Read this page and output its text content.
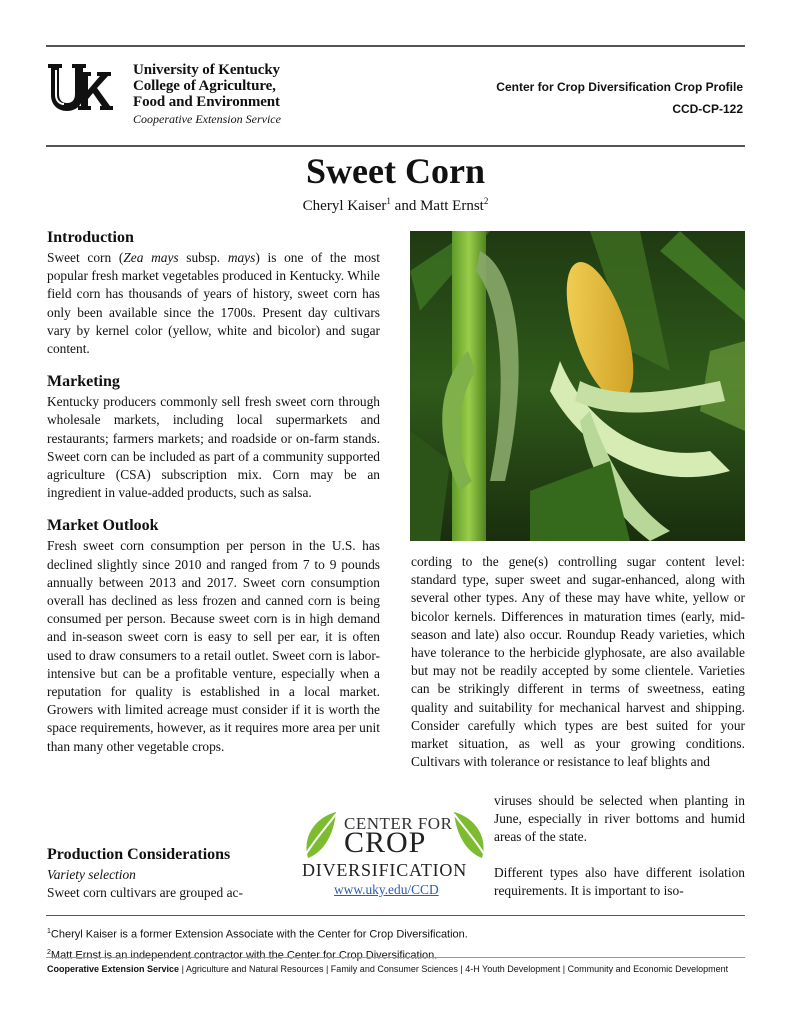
University of Kentucky
College of Agriculture,
Food and Environment
Cooperative Extension Service
Center for Crop Diversification Crop Profile
CCD-CP-122
Sweet Corn
Cheryl Kaiser$^1$ and Matt Ernst$^2$
Introduction

Sweet corn (Zea mays subsp. mays) is one of the most popular fresh market vegetables produced in Kentucky. While field corn has thousands of years of history, sweet corn has only been available since the 1700s. Present day cultivars vary by kernel color (yellow, white and bicolor) and sugar content.

Marketing

Kentucky producers commonly sell fresh sweet corn through wholesale markets, including local supermarkets and restaurants; farmers markets; and roadside or on-farm stands. Sweet corn can be included as part of a community supported agriculture (CSA) subscription mix. Corn may be an ingredient in value-added products, such as salsa.

Market Outlook

Fresh sweet corn consumption per person in the U.S. has declined slightly since 2010 and ranged from 7 to 9 pounds annually between 2013 and 2017. Sweet corn consumption overall has declined as less frozen and canned corn is being consumed per person. Because sweet corn is in high demand and in-season sweet corn is easy to sell per ear, it is often used to draw consumers to a retail outlet. Sweet corn is labor-intensive but can be a profitable venture, especially when a reputation for quality is established in a local market. Growers with limited acreage must consider if it is worth the space requirements, however, as it requires more area per unit than many other vegetable crops.

Production Considerations
Variety selection
Sweet corn cultivars are grouped ac-
cording to the gene(s) controlling sugar content level: standard type, super sweet and sugar-enhanced, along with several other types. Any of these may have white, yellow or bicolor kernels. Differences in maturation times (early, mid-season and late) also occur. Roundup Ready varieties, which have tolerance to the herbicide glyphosate, are also available but may not be readily accepted by some clientele. Varieties can be strikingly different in terms of sweetness, eating quality and suitability for mechanical harvest and shipping. Consider carefully which types are best suited for your market situation, as well as your growing conditions. Cultivars with tolerance or resistance to leaf blights and
viruses should be selected when planting in June, especially in river bottoms and humid areas of the state.
Different types also have different isolation requirements. It is important to iso-
CENTER FOR
CROP
DIVERSIFICATION
www.uky.edu/CCD
$^1$Cheryl Kaiser is a former Extension Associate with the Center for Crop Diversification.
$^2$Matt Ernst is an independent contractor with the Center for Crop Diversification.
Cooperative Extension Service | Agriculture and Natural Resources | Family and Consumer Sciences | 4-H Youth Development | Community and Economic Development
